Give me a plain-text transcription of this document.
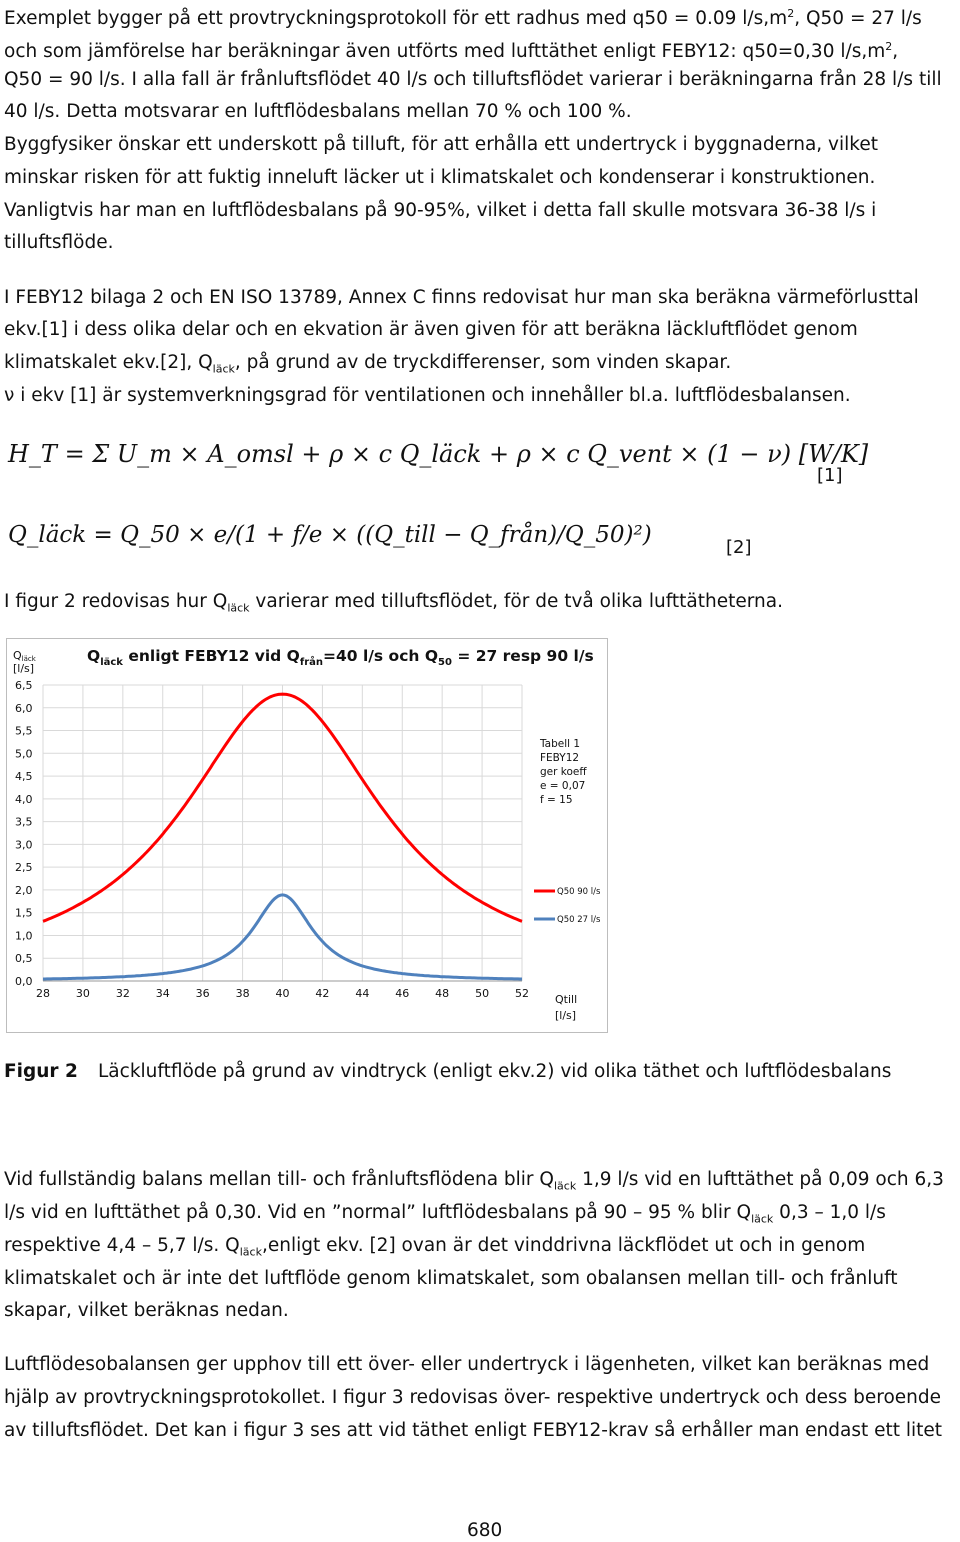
Exemplet bygger på ett provtryckningsprotokoll för ett radhus med q50 = 0.09 $l/s,m^2$, Q50 = 27 l/s
och som jämförelse har beräkningar även utförts med lufttäthet enligt FEBY12: q50=0,30 $l/s,m^2$,
Q50 = 90 l/s. I alla fall är frånluftsflödet 40 l/s och tilluftsflödet varierar i beräkningarna från 28 l/s till
40 l/s. Detta motsvarar en luftflödesbalans mellan 70 % och 100 %.
Byggfysiker önskar ett underskott på tilluft, för att erhålla ett undertryck i byggnaderna, vilket
minskar risken för att fuktig inneluft läcker ut i klimatskalet och kondenserar i konstruktionen.
Vanligtvis har man en luftflödesbalans på 90-95%, vilket i detta fall skulle motsvara 36-38 l/s i
tilluftsflöde.
I FEBY12 bilaga 2 och EN ISO 13789, Annex C finns redovisat hur man ska beräkna värmeförlusttal
ekv.[1] i dess olika delar och en ekvation är även given för att beräkna läckluftflödet genom
klimatskalet ekv.[2], $Q_{läck}$, på grund av de tryckdifferenser, som vinden skapar.
ν i ekv [1] är systemverkningsgrad för ventilationen och innehåller bl.a. luftflödesbalansen.
H_T = Σ U_m × A_omsl + ρ × c Q_läck + ρ × c Q_vent × (1 − ν) [W/K]
[1]
Q_läck = Q_50 × e/(1 + f/e × ((Q_till − Q_från)/Q_50)²)	[2]
I figur 2 redovisas hur $Q_{läck}$ varierar med tilluftsflödet, för de två olika lufttätheterna.
0,0
0,5
1,0
1,5
2,0
2,5
3,0
3,5
4,0
4,5
5,0
5,5
6,0
6,5
28 30 32 34 36 38 40 42 44 46 48 50 52
$Q_{läck}$ enligt FEBY12 vid $Q_{från}=40$ l/s och $Q_{50} = 27$ resp 90 l/s
Qläck
[l/s]
Qtill
[l/s]
Tabell 1
FEBY12
ger koeff
e = 0,07
f = 15
Q50 90 l/s
Q50 27 l/s
Figur 2 Läckluftflöde på grund av vindtryck (enligt ekv.2) vid olika täthet och luftflödesbalans
Vid fullständig balans mellan till- och frånluftsflödena blir $Q_{läck}$ 1,9 l/s vid en lufttäthet på 0,09 och 6,3
l/s vid en lufttäthet på 0,30. Vid en ”normal” luftflödesbalans på 90 – 95 % blir $Q_{läck}$ 0,3 – 1,0 l/s
respektive 4,4 – 5,7 l/s. $Q_{läck},enligt$ ekv. [2] ovan är det vinddrivna läckflödet ut och in genom
klimatskalet och är inte det luftflöde genom klimatskalet, som obalansen mellan till- och frånluft
skapar, vilket beräknas nedan.
Luftflödesobalansen ger upphov till ett över- eller undertryck i lägenheten, vilket kan beräknas med
hjälp av provtryckningsprotokollet. I figur 3 redovisas över- respektive undertryck och dess beroende
av tilluftsflödet. Det kan i figur 3 ses att vid täthet enligt FEBY12-krav så erhåller man endast ett litet
680
